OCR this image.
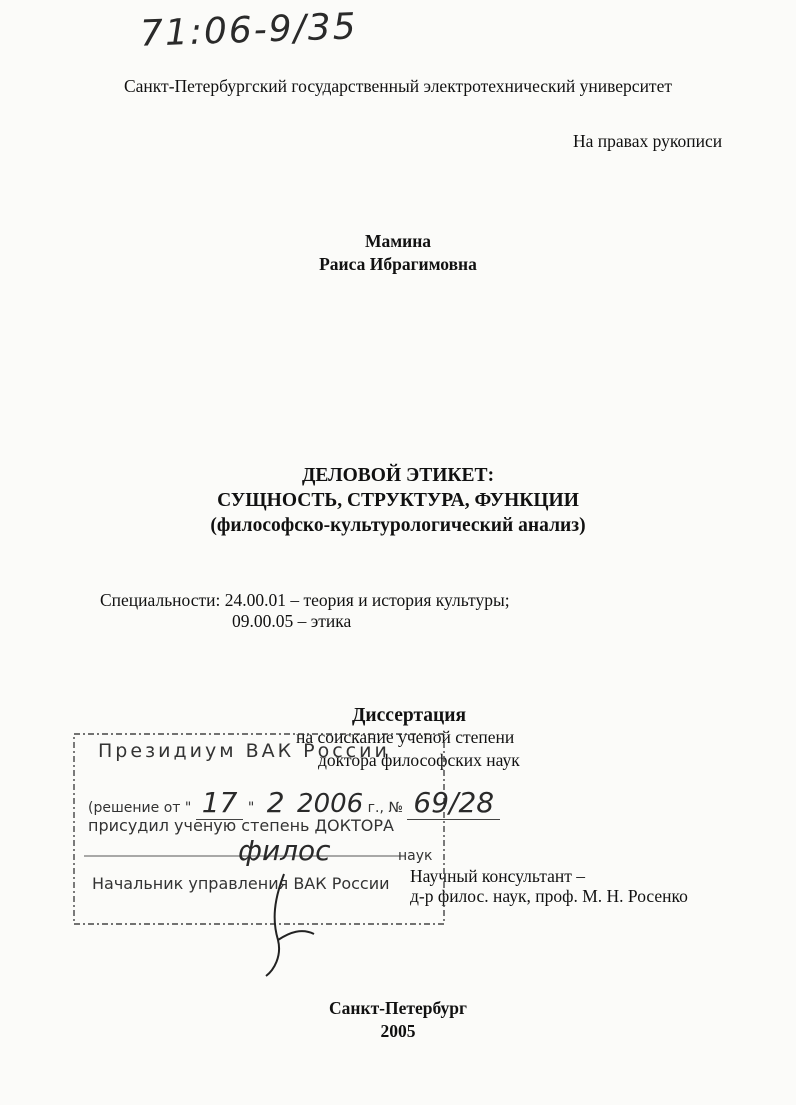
71:06-9/35
Санкт-Петербургский государственный электротехнический университет
На правах рукописи
Мамина
Раиса Ибрагимовна
ДЕЛОВОЙ ЭТИКЕТ:
СУЩНОСТЬ, СТРУКТУРА, ФУНКЦИИ
(философско-культурологический анализ)
Специальности: 24.00.01 – теория и история культуры;
09.00.05 – этика
Диссертация
на соискание ученой степени
доктора философских наук
Научный консультант –
д-р филос. наук, проф. М. Н. Росенко
Президиум ВАК России
(решение от " 17 " 2 2006 г., № 69/28
присудил ученую степень ДОКТОРА
филос	наук
Начальник управления ВАК России
Санкт-Петербург
2005
